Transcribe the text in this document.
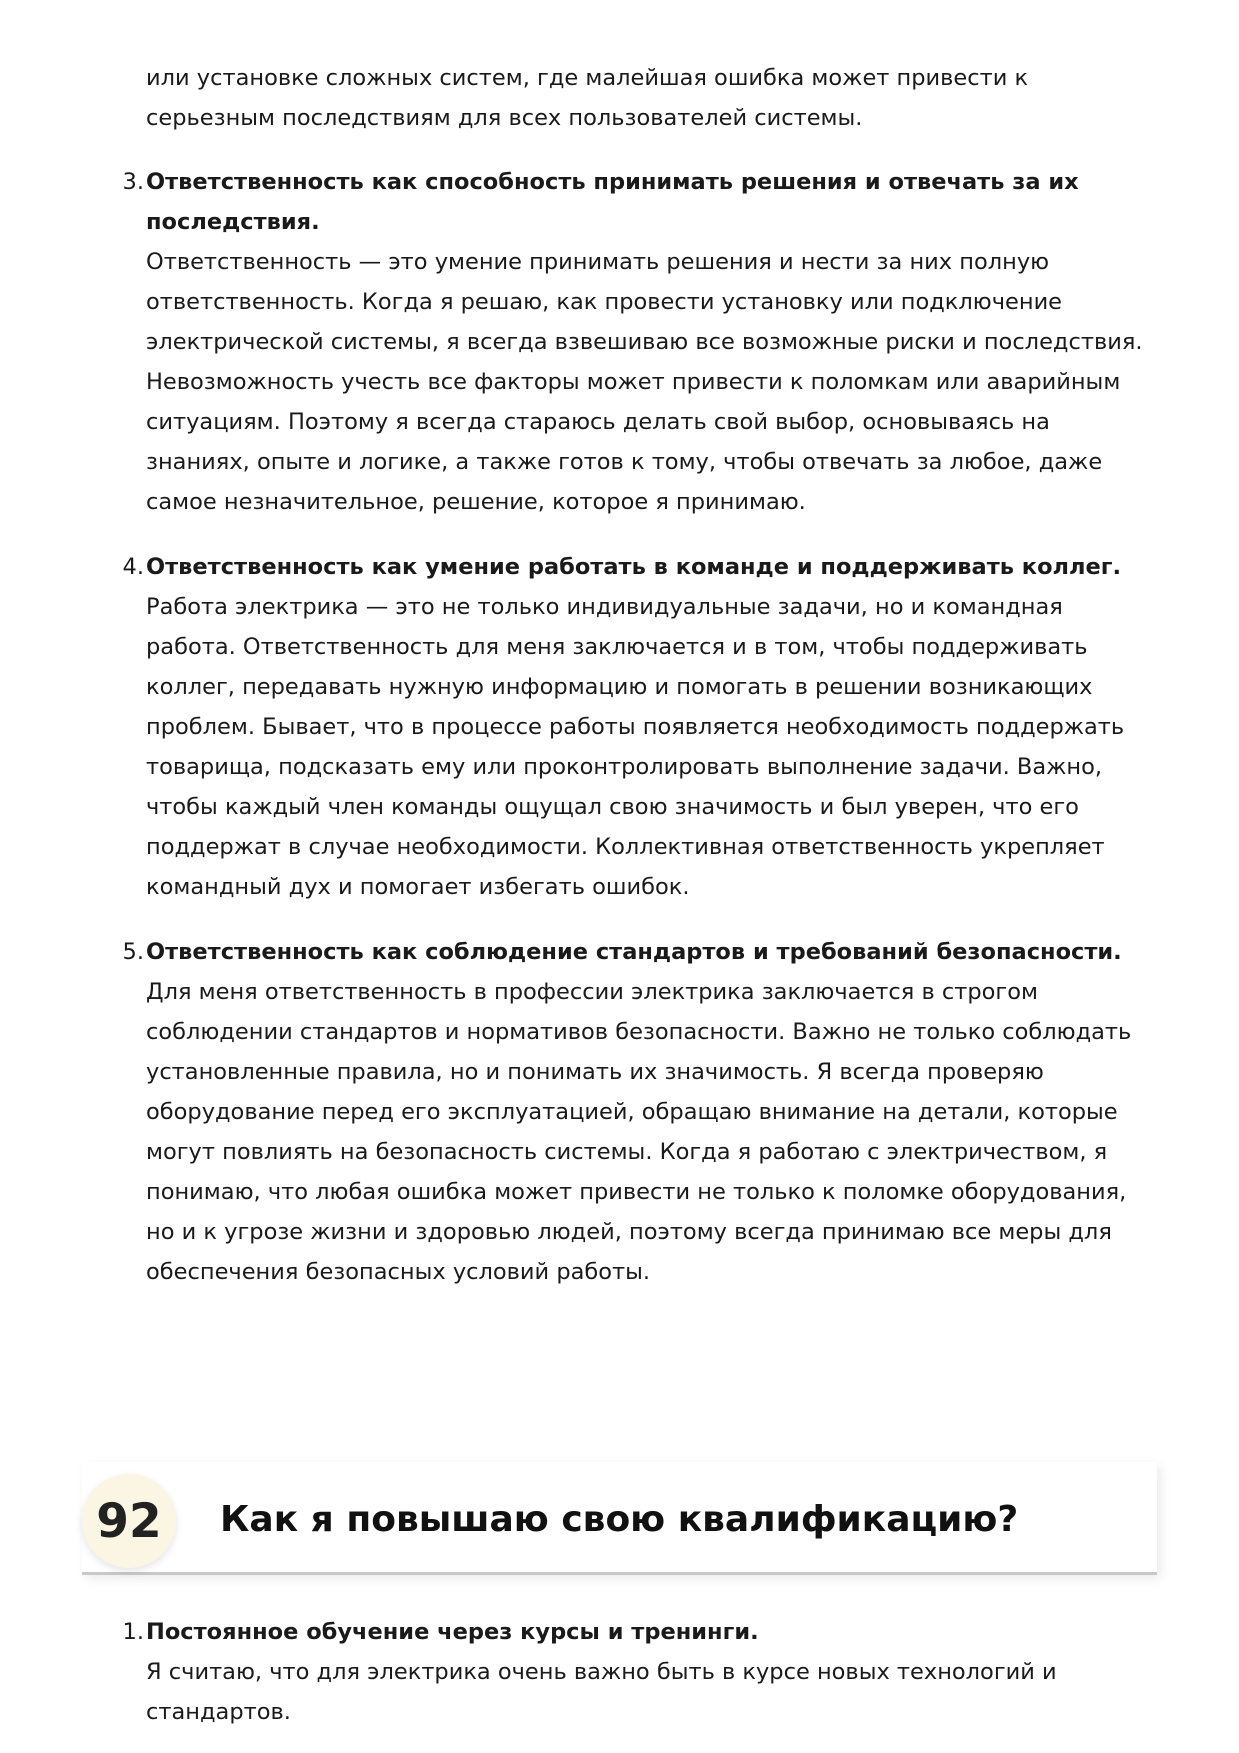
или установке сложных систем, где малейшая ошибка может привести к серьезным последствиям для всех пользователей системы.

3. Ответственность как способность принимать решения и отвечать за их последствия.
Ответственность — это умение принимать решения и нести за них полную ответственность. Когда я решаю, как провести установку или подключение электрической системы, я всегда взвешиваю все возможные риски и последствия. Невозможность учесть все факторы может привести к поломкам или аварийным ситуациям. Поэтому я всегда стараюсь делать свой выбор, основываясь на знаниях, опыте и логике, а также готов к тому, чтобы отвечать за любое, даже самое незначительное, решение, которое я принимаю.
4. Ответственность как умение работать в команде и поддерживать коллег.
Работа электрика — это не только индивидуальные задачи, но и командная работа. Ответственность для меня заключается и в том, чтобы поддерживать коллег, передавать нужную информацию и помогать в решении возникающих проблем. Бывает, что в процессе работы появляется необходимость поддержать товарища, подсказать ему или проконтролировать выполнение задачи. Важно, чтобы каждый член команды ощущал свою значимость и был уверен, что его поддержат в случае необходимости. Коллективная ответственность укрепляет командный дух и помогает избегать ошибок.
5. Ответственность как соблюдение стандартов и требований безопасности.
Для меня ответственность в профессии электрика заключается в строгом соблюдении стандартов и нормативов безопасности. Важно не только соблюдать установленные правила, но и понимать их значимость. Я всегда проверяю оборудование перед его эксплуатацией, обращаю внимание на детали, которые могут повлиять на безопасность системы. Когда я работаю с электричеством, я понимаю, что любая ошибка может привести не только к поломке оборудования, но и к угрозе жизни и здоровью людей, поэтому всегда принимаю все меры для обеспечения безопасных условий работы.
92	Как я повышаю свою квалификацию?
1. Постоянное обучение через курсы и тренинги.
Я считаю, что для электрика очень важно быть в курсе новых технологий и стандартов.
